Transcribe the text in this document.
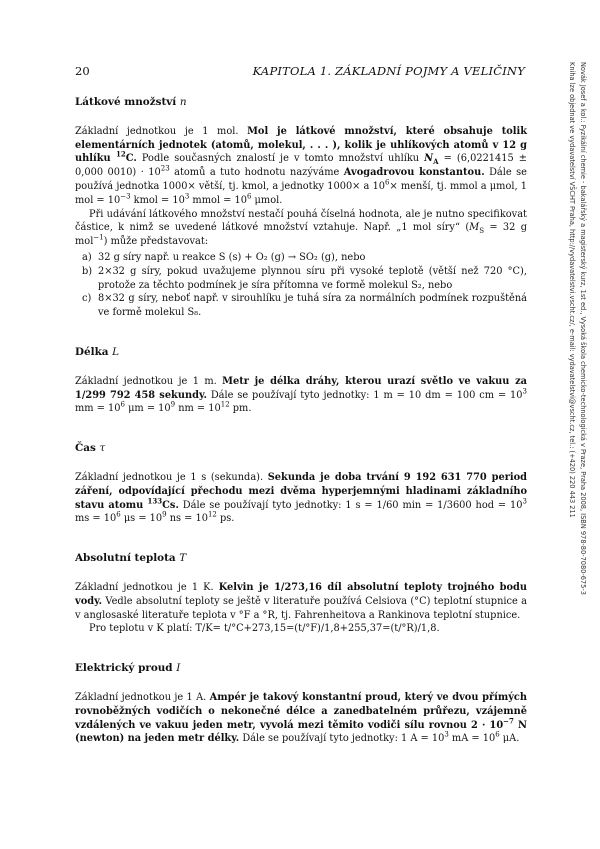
20	KAPITOLA 1. ZÁKLADNÍ POJMY A VELIČINY	Novák Josef a kol.: Fyzikální chemie - bakalářský a magisterský kurz, 1st ed., Vysoká škola chemicko-technologická v Praze, Praha 2008, ISBN 978-80-7080-675-3
Kniha lze objednat ve vydavatelství VŠCHT Praha, http://vydavatelstvi.vscht.cz/, e-mail: vydavatelstvi@vscht.cz, tel.: (+420) 220 443 211
Látkové množství n

Základní jednotkou je 1 mol. Mol je látkové množství, které obsahuje tolik elementárních jednotek (atomů, molekul, . . . ), kolik je uhlíkových atomů v 12 g uhlíku $^{12}$C. Podle současných znalostí je v tomto množství uhlíku $N_A = (6,0221415 \pm 0,000$ $0010) \cdot 10^{23}$ atomů a tuto hodnotu nazýváme Avogadrovou konstantou. Dále se používá jednotka 1000× větší, tj. kmol, a jednotky 1000× a $10^6\times$ menší, tj. mmol a μmol, 1 mol = $10^{-3}$ kmol = $10^3$ mmol = $10^6$ μmol.

Při udávání látkového množství nestačí pouhá číselná hodnota, ale je nutno specifikovat částice, k nimž se uvedené látkové množství vztahuje. Např. „1 mol síry“ ($M_S = 32$ g mol$^{-1}$) může představovat:

a) 32 g síry např. u reakce S (s) + O₂ (g) → SO₂ (g), nebo
b) 2×32 g síry, pokud uvažujeme plynnou síru při vysoké teplotě (větší než 720 °C), protože za těchto podmínek je síra přítomna ve formě molekul S₂, nebo
c) 8×32 g síry, neboť např. v sirouhlíku je tuhá síra za normálních podmínek rozpuštěná ve formě molekul S₈.
Délka L

Základní jednotkou je 1 m. Metr je délka dráhy, kterou urazí světlo ve vakuu za 1/299 792 458 sekundy. Dále se používají tyto jednotky: 1 m = 10 dm = 100 cm = $10^3$ mm = $10^6$ $\mu m = 10^9$ nm = $10^{12}$ pm.

Čas τ

Základní jednotkou je 1 s (sekunda). Sekunda je doba trvání 9 192 631 770 period záření, odpovídající přechodu mezi dvěma hyperjemnými hladinami základního stavu atomu $^{133}$Cs. Dále se používají tyto jednotky: 1 s = 1/60 min = 1/3600 hod = $10^3$ ms = $10^6$ $\mu s = 10^9$ ns = $10^{12}$ ps.

Absolutní teplota T

Základní jednotkou je 1 K. Kelvin je 1/273,16 díl absolutní teploty trojného bodu vody. Vedle absolutní teploty se ještě v literatuře používá Celsiova (°C) teplotní stupnice a v anglosaské literatuře teplota v °F a °R, tj. Fahrenheitova a Rankinova teplotní stupnice.

Pro teplotu v K platí: T/K= t/°C+273,15=(t/°F)/1,8+255,37=(t/°R)/1,8.

Elektrický proud I

Základní jednotkou je 1 A. Ampér je takový konstantní proud, který ve dvou přímých rovnoběžných vodičích o nekonečné délce a zanedbatelném průřezu, vzájemně vzdálených ve vakuu jeden metr, vyvolá mezi těmito vodiči sílu rovnou $2 \cdot 10^{-7}$ N (newton) na jeden metr délky. Dále se používají tyto jednotky: 1 $A = 10^3$ mA = $10^6$ μA.
